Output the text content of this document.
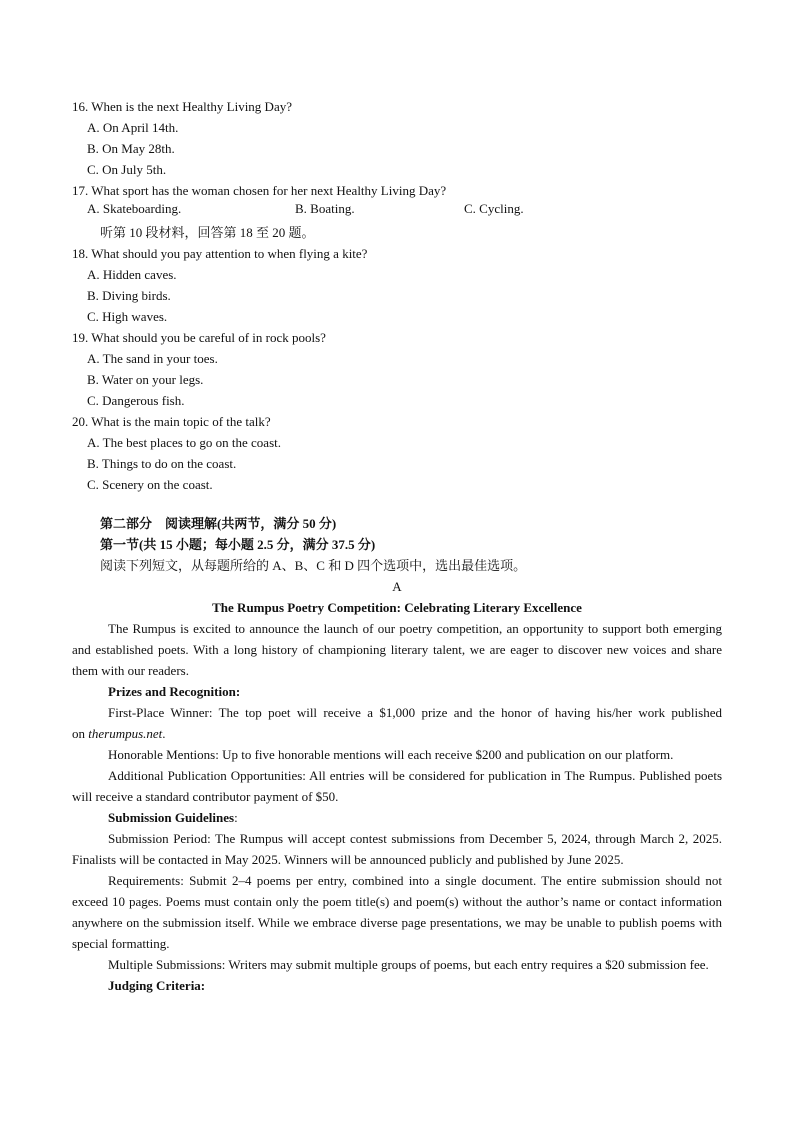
16. When is the next Healthy Living Day?

A. On April 14th.

B. On May 28th.

C. On July 5th.

17. What sport has the woman chosen for her next Healthy Living Day?

A. Skateboarding.	B. Boating.	C. Cycling.

听第 10 段材料，回答第 18 至 20 题。

18. What should you pay attention to when flying a kite?

A. Hidden caves.

B. Diving birds.

C. High waves.

19. What should you be careful of in rock pools?

A. The sand in your toes.

B. Water on your legs.

C. Dangerous fish.

20. What is the main topic of the talk?

A. The best places to go on the coast.

B. Things to do on the coast.

C. Scenery on the coast.

第二部分　阅读理解(共两节，满分 50 分)

第一节(共 15 小题；每小题 2.5 分，满分 37.5 分)

阅读下列短文，从每题所给的 A、B、C 和 D 四个选项中，选出最佳选项。

A

The Rumpus Poetry Competition: Celebrating Literary Excellence

The Rumpus is excited to announce the launch of our poetry competition, an opportunity to support both emerging and established poets. With a long history of championing literary talent, we are eager to discover new voices and share them with our readers.

Prizes and Recognition:

First-Place Winner: The top poet will receive a $1,000 prize and the honor of having his/her work published

on therumpus.net.

Honorable Mentions: Up to five honorable mentions will each receive $200 and publication on our platform.

Additional Publication Opportunities: All entries will be considered for publication in The Rumpus. Published poets will receive a standard contributor payment of $50.

Submission Guidelines:

Submission Period: The Rumpus will accept contest submissions from December 5, 2024, through March 2, 2025. Finalists will be contacted in May 2025. Winners will be announced publicly and published by June 2025.

Requirements: Submit 2–4 poems per entry, combined into a single document. The entire submission should not exceed 10 pages. Poems must contain only the poem title(s) and poem(s) without the author’s name or contact information anywhere on the submission itself. While we embrace diverse page presentations, we may be unable to publish poems with special formatting.

Multiple Submissions: Writers may submit multiple groups of poems, but each entry requires a $20 submission fee.

Judging Criteria:
